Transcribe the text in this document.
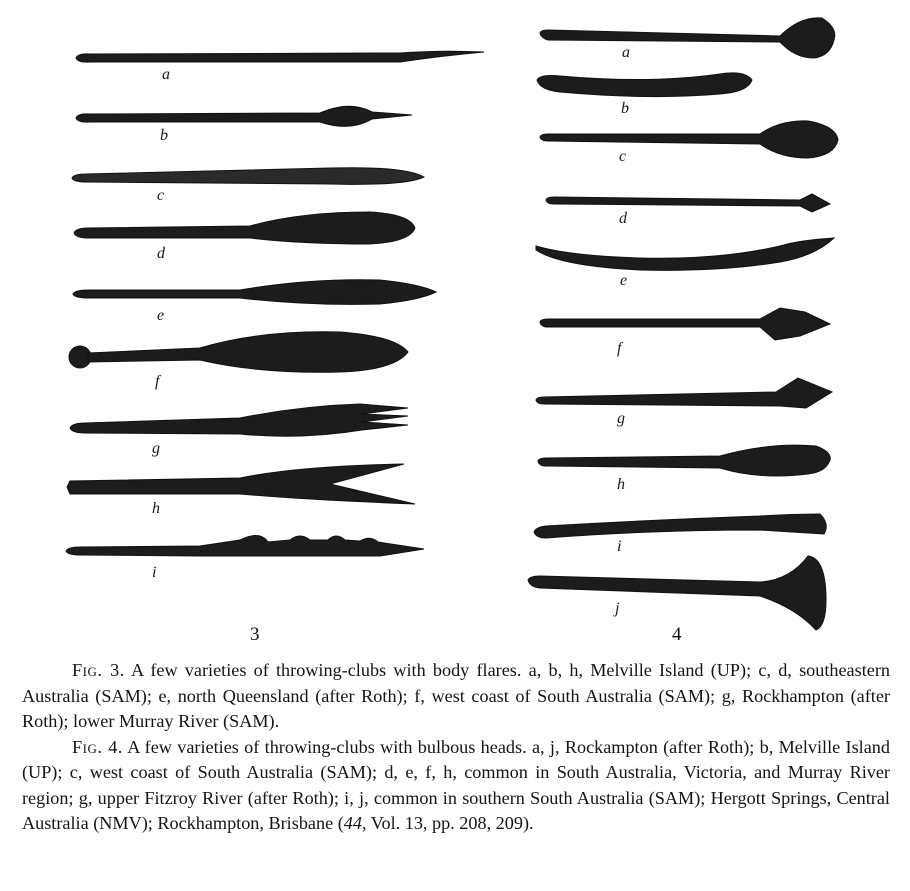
a
b
c
d
e
f
g
h
i
a
b
c
d
e
f
g
h
i
j
3	4

Fig. 3. A few varieties of throwing-clubs with body flares. a, b, h, Melville Island (UP); c, d, southeastern Australia (SAM); e, north Queensland (after Roth); f, west coast of South Australia (SAM); g, Rockhampton (after Roth); lower Murray River (SAM).

Fig. 4. A few varieties of throwing-clubs with bulbous heads. a, j, Rockampton (after Roth); b, Melville Island (UP); c, west coast of South Australia (SAM); d, e, f, h, common in South Australia, Victoria, and Murray River region; g, upper Fitzroy River (after Roth); i, j, common in southern South Australia (SAM); Hergott Springs, Central Australia (NMV); Rockhampton, Brisbane (44, Vol. 13, pp. 208, 209).
